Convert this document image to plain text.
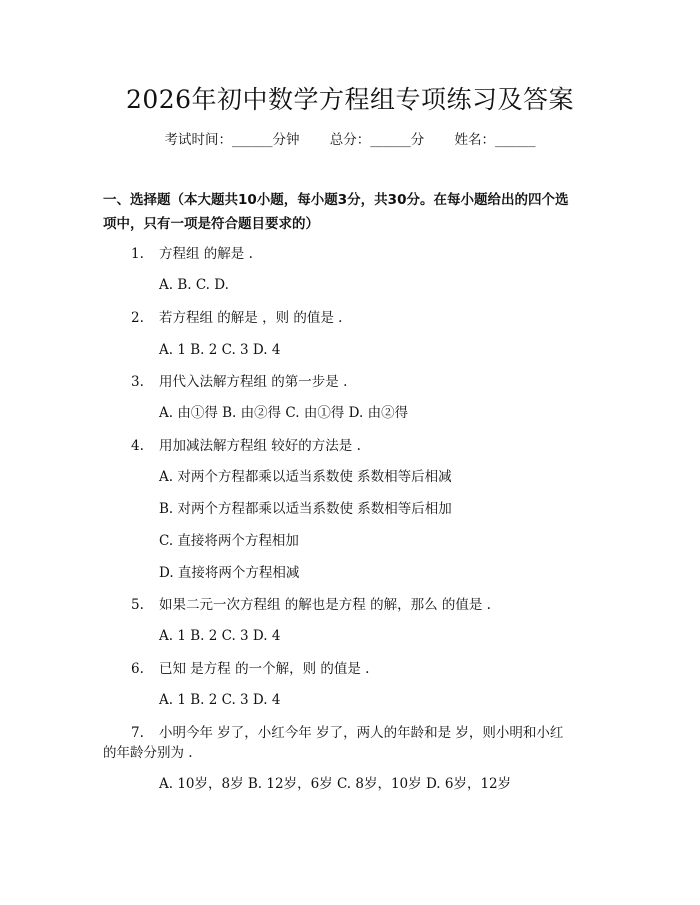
2026年初中数学方程组专项练习及答案
考试时间：______分钟 总分：______分 姓名：______
一、选择题（本大题共10小题，每小题3分，共30分。在每小题给出的四个选
项中，只有一项是符合题目要求的）
1. 方程组 的解是 .
A. B. C. D.
2. 若方程组 的解是 ，则 的值是 .
A. 1 B. 2 C. 3 D. 4
3. 用代入法解方程组 的第一步是 .
A. 由①得 B. 由②得 C. 由①得 D. 由②得
4. 用加减法解方程组 较好的方法是 .
A. 对两个方程都乘以适当系数使 系数相等后相减
B. 对两个方程都乘以适当系数使 系数相等后相加
C. 直接将两个方程相加
D. 直接将两个方程相减
5. 如果二元一次方程组 的解也是方程 的解，那么 的值是 .
A. 1 B. 2 C. 3 D. 4
6. 已知 是方程 的一个解，则 的值是 .
A. 1 B. 2 C. 3 D. 4
7. 小明今年 岁了，小红今年 岁了，两人的年龄和是 岁，则小明和小红
的年龄分别为 .
A. 10岁，8岁 B. 12岁，6岁 C. 8岁，10岁 D. 6岁，12岁
